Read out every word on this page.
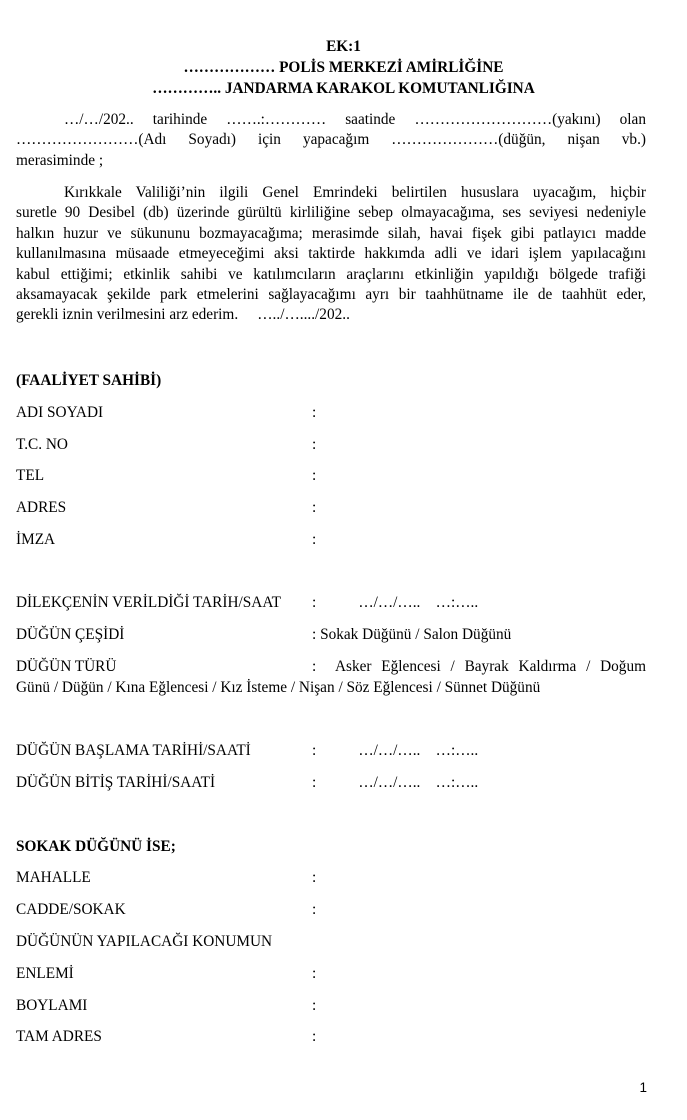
EK:1
……………… POLİS MERKEZİ AMİRLİĞİNE
………….. JANDARMA KARAKOL KOMUTANLIĞINA
…/…/202.. tarihinde …….:………… saatinde ………………………(yakını) olan
……………………(Adı Soyadı) için yapacağım …………………(düğün, nişan vb.)
merasiminde ;
Kırıkkale Valiliği’nin ilgili Genel Emrindeki belirtilen hususlara uyacağım, hiçbir
suretle 90 Desibel (db) üzerinde gürültü kirliliğine sebep olmayacağıma, ses seviyesi nedeniyle
halkın huzur ve sükununu bozmayacağıma; merasimde silah, havai fişek gibi patlayıcı madde
kullanılmasına müsaade etmeyeceğimi aksi taktirde hakkımda adli ve idari işlem yapılacağını
kabul ettiğimi; etkinlik sahibi ve katılımcıların araçlarını etkinliğin yapıldığı bölgede trafiği
aksamayacak şekilde park etmelerini sağlayacağımı ayrı bir taahhütname ile de taahhüt eder,
gerekli iznin verilmesini arz ederim.     …../…..../202..
(FAALİYET SAHİBİ)
ADI SOYADI	:
T.C. NO	:
TEL	:
ADRES	:
İMZA	:
DİLEKÇENİN VERİLDİĞİ TARİH/SAAT :           …/…/…..    …:…..
DÜĞÜN ÇEŞİDİ	: Sokak Düğünü / Salon Düğünü
DÜĞÜN TÜRÜ	:  Asker Eğlencesi / Bayrak Kaldırma / Doğum
Günü / Düğün / Kına Eğlencesi / Kız İsteme / Nişan / Söz Eğlencesi / Sünnet Düğünü
DÜĞÜN BAŞLAMA TARİHİ/SAATİ	:           …/…/…..    …:…..
DÜĞÜN BİTİŞ TARİHİ/SAATİ	:           …/…/…..    …:…..
SOKAK DÜĞÜNÜ İSE;
MAHALLE	:
CADDE/SOKAK	:
DÜĞÜNÜN YAPILACAĞI KONUMUN
ENLEMİ	:
BOYLAMI	:
TAM ADRES	:
1
